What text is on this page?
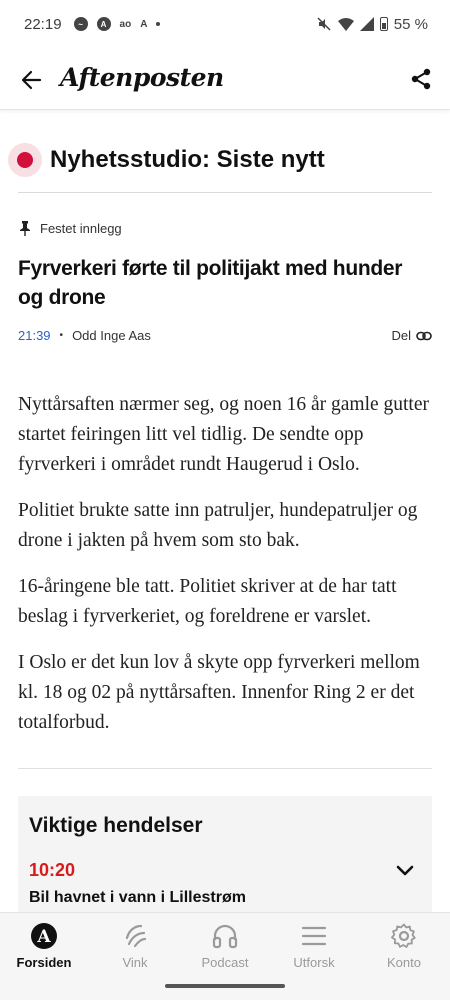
22:19	~	A	ao A	55 %
Aftenposten
Nyhetsstudio: Siste nytt
Festet innlegg
Fyrverkeri førte til politijakt med hunder og drone
21:39 • Odd Inge Aas	Del

Nyttårsaften nærmer seg, og noen 16 år gamle gutter startet feiringen litt vel tidlig. De sendte opp fyrverkeri i området rundt Haugerud i Oslo.

Politiet brukte satte inn patruljer, hundepatruljer og drone i jakten på hvem som sto bak.

16-åringene ble tatt. Politiet skriver at de har tatt beslag i fyrverkeriet, og foreldrene er varslet.

I Oslo er det kun lov å skyte opp fyrverkeri mellom kl. 18 og 02 på nyttårsaften. Innenfor Ring 2 er det totalforbud.

Viktige hendelser
10:20
Bil havnet i vann i Lillestrøm
A
Forsiden	Vink	Podcast	Utforsk	Konto
